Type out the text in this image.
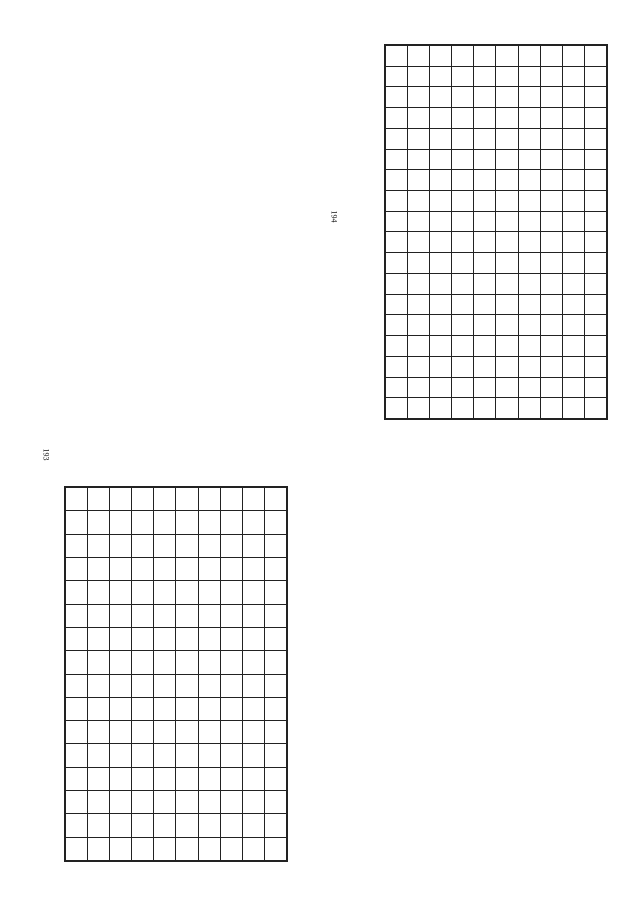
193
194
